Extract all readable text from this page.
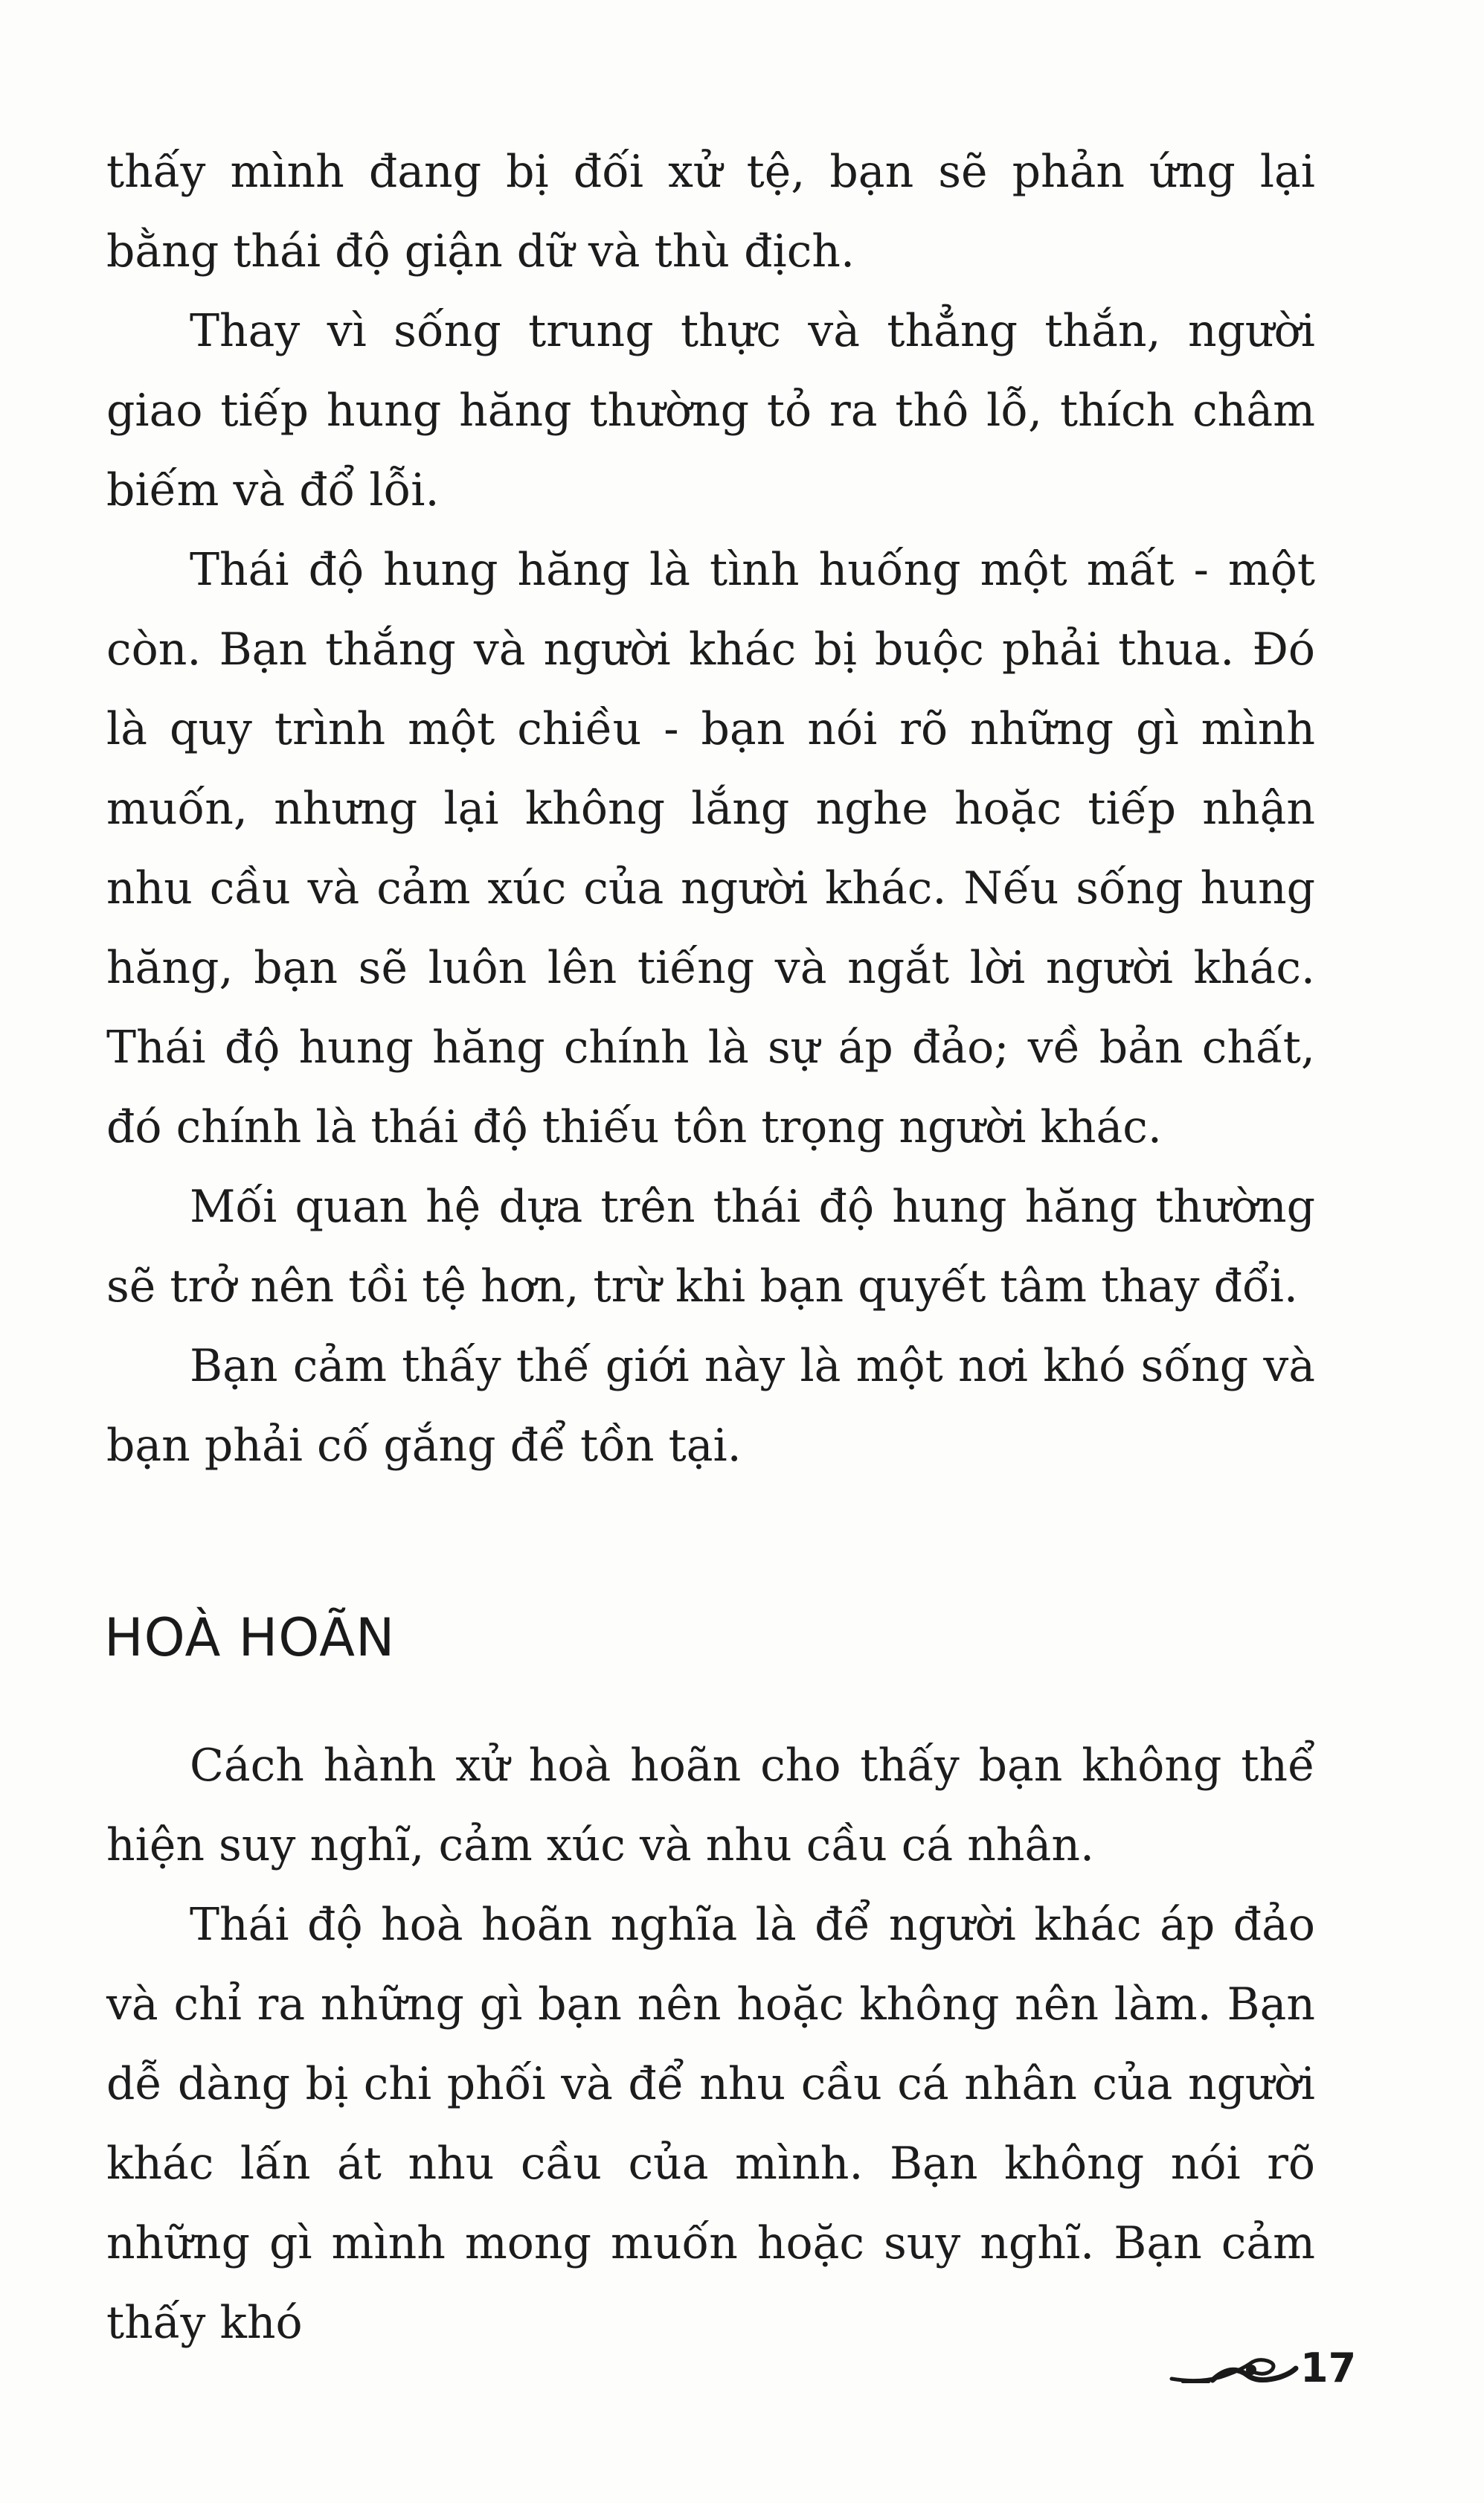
thấy mình đang bị đối xử tệ, bạn sẽ phản ứng lại bằng thái độ giận dữ và thù địch.

Thay vì sống trung thực và thẳng thắn, người giao tiếp hung hăng thường tỏ ra thô lỗ, thích châm biếm và đổ lỗi.

Thái độ hung hăng là tình huống một mất - một còn. Bạn thắng và người khác bị buộc phải thua. Đó là quy trình một chiều - bạn nói rõ những gì mình muốn, nhưng lại không lắng nghe hoặc tiếp nhận nhu cầu và cảm xúc của người khác. Nếu sống hung hăng, bạn sẽ luôn lên tiếng và ngắt lời người khác. Thái độ hung hăng chính là sự áp đảo; về bản chất, đó chính là thái độ thiếu tôn trọng người khác.

Mối quan hệ dựa trên thái độ hung hăng thường sẽ trở nên tồi tệ hơn, trừ khi bạn quyết tâm thay đổi.

Bạn cảm thấy thế giới này là một nơi khó sống và bạn phải cố gắng để tồn tại.

HOÀ HOÃN

Cách hành xử hoà hoãn cho thấy bạn không thể hiện suy nghĩ, cảm xúc và nhu cầu cá nhân.

Thái độ hoà hoãn nghĩa là để người khác áp đảo và chỉ ra những gì bạn nên hoặc không nên làm. Bạn dễ dàng bị chi phối và để nhu cầu cá nhân của người khác lấn át nhu cầu của mình. Bạn không nói rõ những gì mình mong muốn hoặc suy nghĩ. Bạn cảm thấy khó

17
